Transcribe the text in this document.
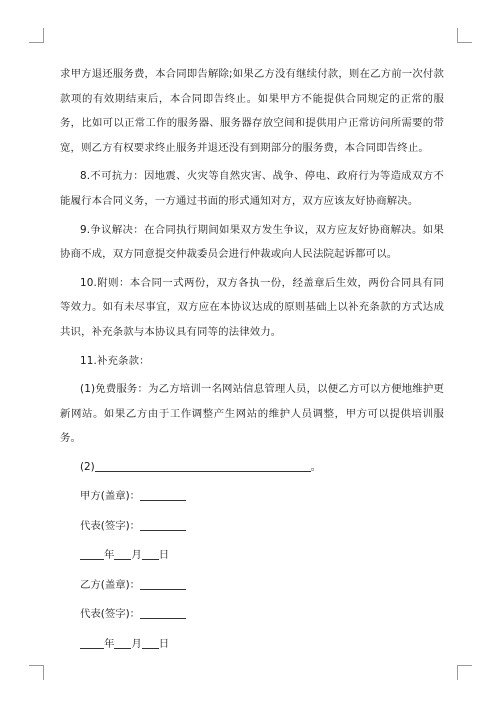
求甲方退还服务费，本合同即告解除;如果乙方没有继续付款，则在乙方前一次付款款项的有效期结束后，本合同即告终止。如果甲方不能提供合同规定的正常的服务，比如可以正常工作的服务器、服务器存放空间和提供用户正常访问所需要的带宽，则乙方有权要求终止服务并退还没有到期部分的服务费，本合同即告终止。

8.不可抗力：因地震、火灾等自然灾害、战争、停电、政府行为等造成双方不能履行本合同义务，一方通过书面的形式通知对方，双方应该友好协商解决。

9.争议解决：在合同执行期间如果双方发生争议，双方应友好协商解决。如果协商不成，双方同意提交仲裁委员会进行仲裁或向人民法院起诉都可以。

10.附则：本合同一式两份，双方各执一份，经盖章后生效，两份合同具有同等效力。如有未尽事宜，双方应在本协议达成的原则基础上以补充条款的方式达成共识，补充条款与本协议具有同等的法律效力。

11.补充条款：

(1)免费服务：为乙方培训一名网站信息管理人员，以便乙方可以方便地维护更新网站。如果乙方由于工作调整产生网站的维护人员调整，甲方可以提供培训服务。

(2)	。
甲方(盖章)：
代表(签字)：
年 月 日
乙方(盖章)：
代表(签字)：
年 月 日
